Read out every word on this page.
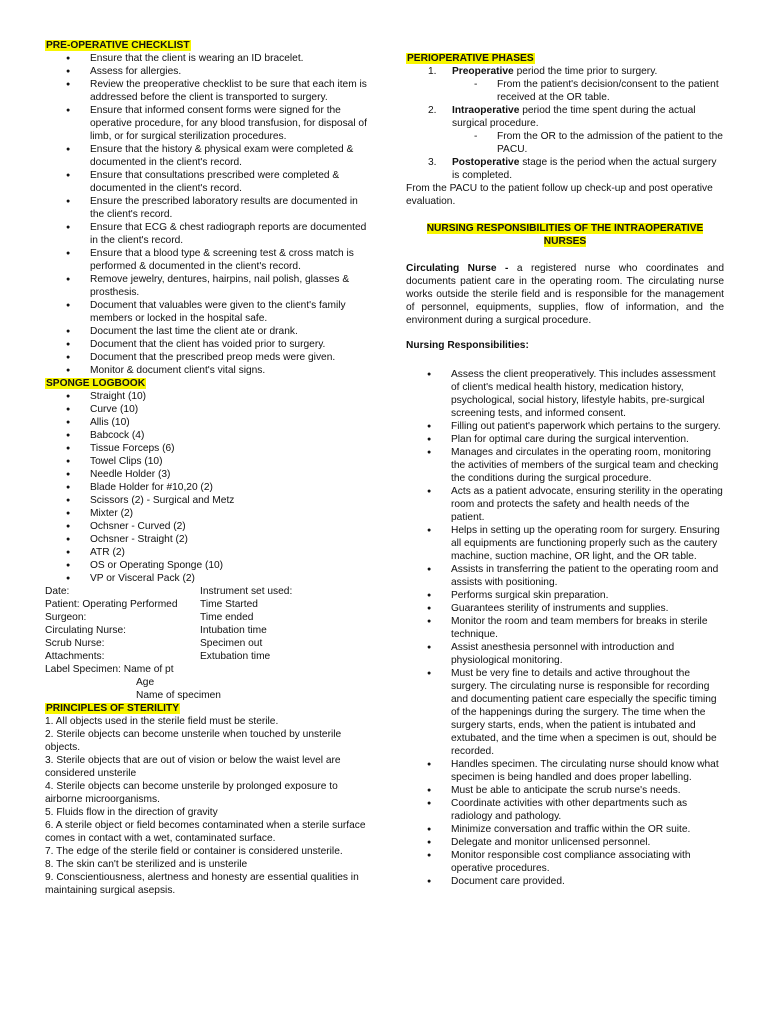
PRE-OPERATIVE CHECKLIST
● Ensure that the client is wearing an ID bracelet.
● Assess for allergies.
● Review the preoperative checklist to be sure that each item is addressed before the client is transported to surgery.
● Ensure that informed consent forms were signed for the operative procedure, for any blood transfusion, for disposal of limb, or for surgical sterilization procedures.
● Ensure that the history & physical exam were completed & documented in the client's record.
● Ensure that consultations prescribed were completed & documented in the client's record.
● Ensure the prescribed laboratory results are documented in the client's record.
● Ensure that ECG & chest radiograph reports are documented in the client's record.
● Ensure that a blood type & screening test & cross match is performed & documented in the client's record.
● Remove jewelry, dentures, hairpins, nail polish, glasses & prosthesis.
● Document that valuables were given to the client's family members or locked in the hospital safe.
● Document the last time the client ate or drank.
● Document that the client has voided prior to surgery.
● Document that the prescribed preop meds were given.
● Monitor & document client's vital signs.
SPONGE LOGBOOK
● Straight (10)
● Curve (10)
● Allis (10)
● Babcock (4)
● Tissue Forceps (6)
● Towel Clips (10)
● Needle Holder (3)
● Blade Holder for #10,20 (2)
● Scissors (2) - Surgical and Metz
● Mixter (2)
● Ochsner - Curved (2)
● Ochsner - Straight (2)
● ATR (2)
● OS or Operating Sponge (10)
● VP or Visceral Pack (2)
Date:	Instrument set used:
Patient: Operating Performed	Time Started
Surgeon:	Time ended
Circulating Nurse:	Intubation time
Scrub Nurse:	Specimen out
Attachments:	Extubation time
Label Specimen: Name of pt
Age
Name of specimen
PRINCIPLES OF STERILITY
1. All objects used in the sterile field must be sterile.
2. Sterile objects can become unsterile when touched by unsterile objects.
3. Sterile objects that are out of vision or below the waist level are considered unsterile
4. Sterile objects can become unsterile by prolonged exposure to airborne microorganisms.
5. Fluids flow in the direction of gravity
6. A sterile object or field becomes contaminated when a sterile surface comes in contact with a wet, contaminated surface.
7. The edge of the sterile field or container is considered unsterile.
8. The skin can't be sterilized and is unsterile
9. Conscientiousness, alertness and honesty are essential qualities in maintaining surgical asepsis.
PERIOPERATIVE PHASES
1. Preoperative period the time prior to surgery.
- From the patient's decision/consent to the patient received at the OR table.
2. Intraoperative period the time spent during the actual surgical procedure.
- From the OR to the admission of the patient to the PACU.
3. Postoperative stage is the period when the actual surgery is completed.
From the PACU to the patient follow up check-up and post operative evaluation.
NURSING RESPONSIBILITIES OF THE INTRAOPERATIVE NURSES
Circulating Nurse - a registered nurse who coordinates and documents patient care in the operating room. The circulating nurse works outside the sterile field and is responsible for the management of personnel, equipments, supplies, flow of information, and the environment during a surgical procedure.
Nursing Responsibilities:
● Assess the client preoperatively. This includes assessment of client's medical health history, medication history, psychological, social history, lifestyle habits, pre-surgical screening tests, and informed consent.
● Filling out patient's paperwork which pertains to the surgery.
● Plan for optimal care during the surgical intervention.
● Manages and circulates in the operating room, monitoring the activities of members of the surgical team and checking the conditions during the surgical procedure.
● Acts as a patient advocate, ensuring sterility in the operating room and protects the safety and health needs of the patient.
● Helps in setting up the operating room for surgery. Ensuring all equipments are functioning properly such as the cautery machine, suction machine, OR light, and the OR table.
● Assists in transferring the patient to the operating room and assists with positioning.
● Performs surgical skin preparation.
● Guarantees sterility of instruments and supplies.
● Monitor the room and team members for breaks in sterile technique.
● Assist anesthesia personnel with introduction and physiological monitoring.
● Must be very fine to details and active throughout the surgery. The circulating nurse is responsible for recording and documenting patient care especially the specific timing of the happenings during the surgery. The time when the surgery starts, ends, when the patient is intubated and extubated, and the time when a specimen is out, should be recorded.
● Handles specimen. The circulating nurse should know what specimen is being handled and does proper labelling.
● Must be able to anticipate the scrub nurse's needs.
● Coordinate activities with other departments such as radiology and pathology.
● Minimize conversation and traffic within the OR suite.
● Delegate and monitor unlicensed personnel.
● Monitor responsible cost compliance associating with operative procedures.
● Document care provided.
